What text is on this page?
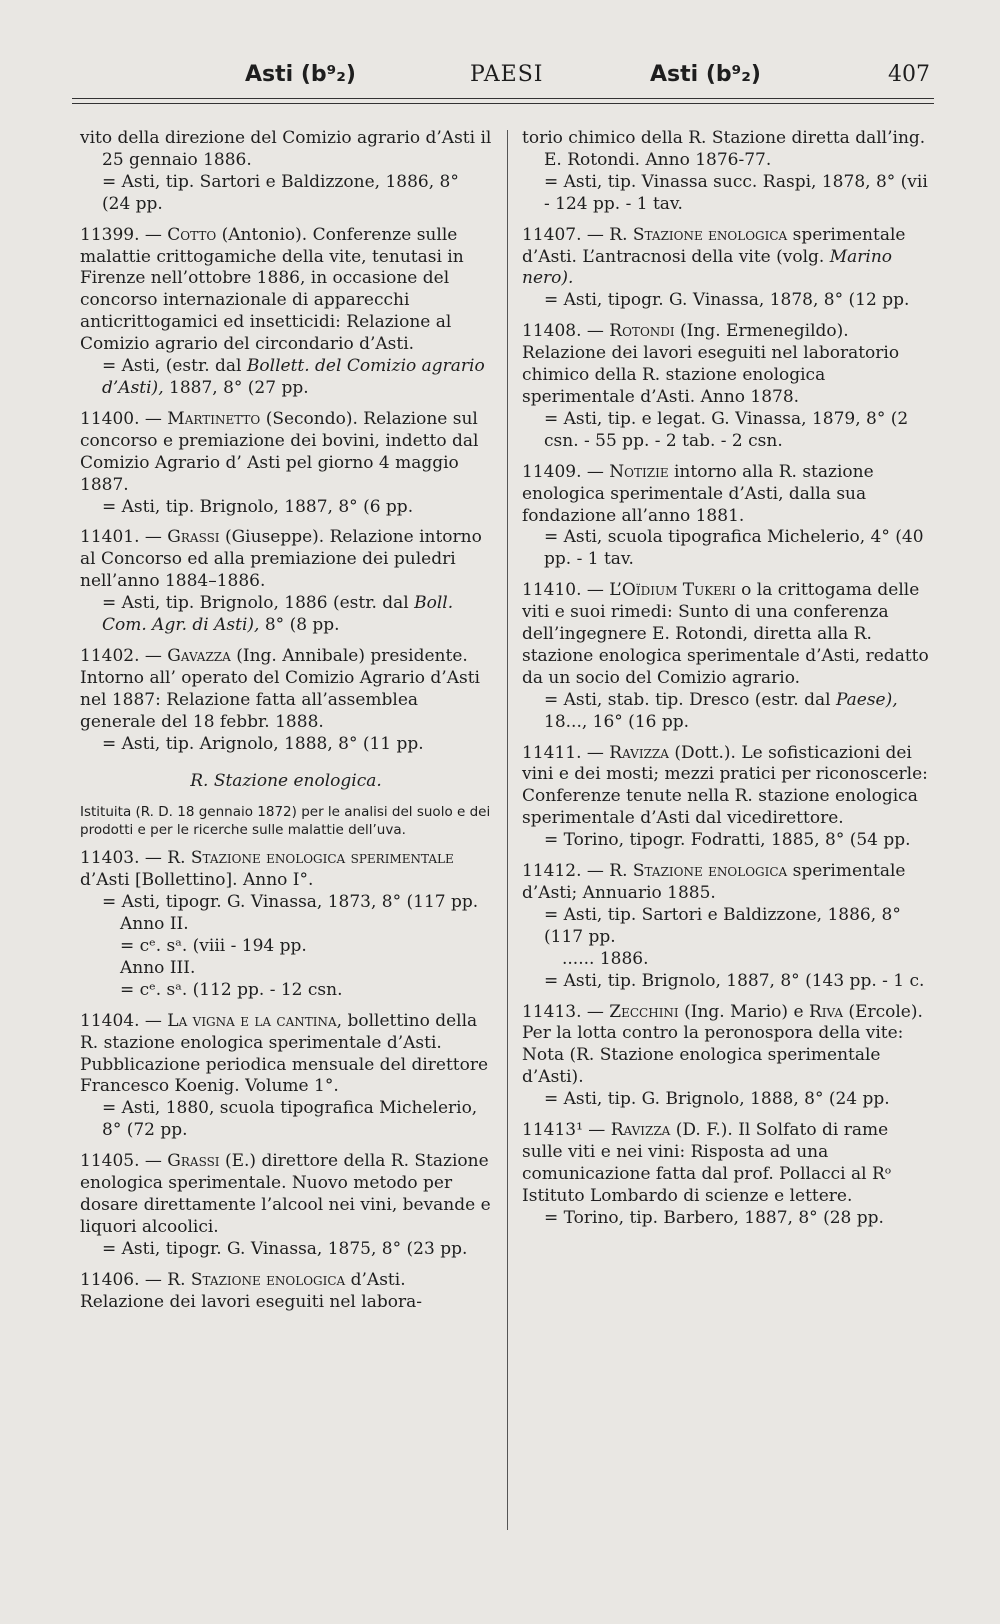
Asti (b⁹₂)	PAESI	Asti (b⁹₂)	407

vito della direzione del Comizio agrario d’Asti il 25 gennaio 1886.

= Asti, tip. Sartori e Baldizzone, 1886, 8° (24 pp.

11399. — Cotto (Antonio). Conferenze sulle malattie crittogamiche della vite, tenutasi in Firenze nell’ottobre 1886, in occasione del concorso internazionale di apparecchi anticrittogamici ed insetticidi: Relazione al Comizio agrario del circondario d’Asti.

= Asti, (estr. dal Bollett. del Comizio agrario d’Asti), 1887, 8° (27 pp.

11400. — Martinetto (Secondo). Relazione sul concorso e premiazione dei bovini, indetto dal Comizio Agrario d’ Asti pel giorno 4 maggio 1887.

= Asti, tip. Brignolo, 1887, 8° (6 pp.

11401. — Grassi (Giuseppe). Relazione intorno al Concorso ed alla premiazione dei puledri nell’anno 1884–1886.

= Asti, tip. Brignolo, 1886 (estr. dal Boll. Com. Agr. di Asti), 8° (8 pp.

11402. — Gavazza (Ing. Annibale) presidente. Intorno all’ operato del Comizio Agrario d’Asti nel 1887: Relazione fatta all’assemblea generale del 18 febbr. 1888.

= Asti, tip. Arignolo, 1888, 8° (11 pp.

R. Stazione enologica.
Istituita (R. D. 18 gennaio 1872) per le analisi del suolo e dei prodotti e per le ricerche sulle malattie dell’uva.

11403. — R. Stazione enologica sperimentale d’Asti [Bollettino]. Anno I°.

= Asti, tipogr. G. Vinassa, 1873, 8° (117 pp.

Anno II.

= cᵉ. sᵃ. (viii - 194 pp.

Anno III.

= cᵉ. sᵃ. (112 pp. - 12 csn.

11404. — La vigna e la cantina, bollettino della R. stazione enologica sperimentale d’Asti. Pubblicazione periodica mensuale del direttore Francesco Koenig. Volume 1°.

= Asti, 1880, scuola tipografica Michelerio, 8° (72 pp.

11405. — Grassi (E.) direttore della R. Stazione enologica sperimentale. Nuovo metodo per dosare direttamente l’alcool nei vini, bevande e liquori alcoolici.

= Asti, tipogr. G. Vinassa, 1875, 8° (23 pp.

11406. — R. Stazione enologica d’Asti. Relazione dei lavori eseguiti nel labora-

torio chimico della R. Stazione diretta dall’ing. E. Rotondi. Anno 1876-77.

= Asti, tip. Vinassa succ. Raspi, 1878, 8° (vii - 124 pp. - 1 tav.

11407. — R. Stazione enologica sperimentale d’Asti. L’antracnosi della vite (volg. Marino nero).

= Asti, tipogr. G. Vinassa, 1878, 8° (12 pp.

11408. — Rotondi (Ing. Ermenegildo). Relazione dei lavori eseguiti nel laboratorio chimico della R. stazione enologica sperimentale d’Asti. Anno 1878.

= Asti, tip. e legat. G. Vinassa, 1879, 8° (2 csn. - 55 pp. - 2 tab. - 2 csn.

11409. — Notizie intorno alla R. stazione enologica sperimentale d’Asti, dalla sua fondazione all’anno 1881.

= Asti, scuola tipografica Michelerio, 4° (40 pp. - 1 tav.

11410. — L’Oïdium Tukeri o la crittogama delle viti e suoi rimedi: Sunto di una conferenza dell’ingegnere E. Rotondi, diretta alla R. stazione enologica sperimentale d’Asti, redatto da un socio del Comizio agrario.

= Asti, stab. tip. Dresco (estr. dal Paese), 18..., 16° (16 pp.

11411. — Ravizza (Dott.). Le sofisticazioni dei vini e dei mosti; mezzi pratici per riconoscerle: Conferenze tenute nella R. stazione enologica sperimentale d’Asti dal vicedirettore.

= Torino, tipogr. Fodratti, 1885, 8° (54 pp.

11412. — R. Stazione enologica sperimentale d’Asti; Annuario 1885.

= Asti, tip. Sartori e Baldizzone, 1886, 8° (117 pp.

...... 1886.

= Asti, tip. Brignolo, 1887, 8° (143 pp. - 1 c.

11413. — Zecchini (Ing. Mario) e Riva (Ercole). Per la lotta contro la peronospora della vite: Nota (R. Stazione enologica sperimentale d’Asti).

= Asti, tip. G. Brignolo, 1888, 8° (24 pp.

11413¹ — Ravizza (D. F.). Il Solfato di rame sulle viti e nei vini: Risposta ad una comunicazione fatta dal prof. Pollacci al Rᵒ Istituto Lombardo di scienze e lettere.

= Torino, tip. Barbero, 1887, 8° (28 pp.
